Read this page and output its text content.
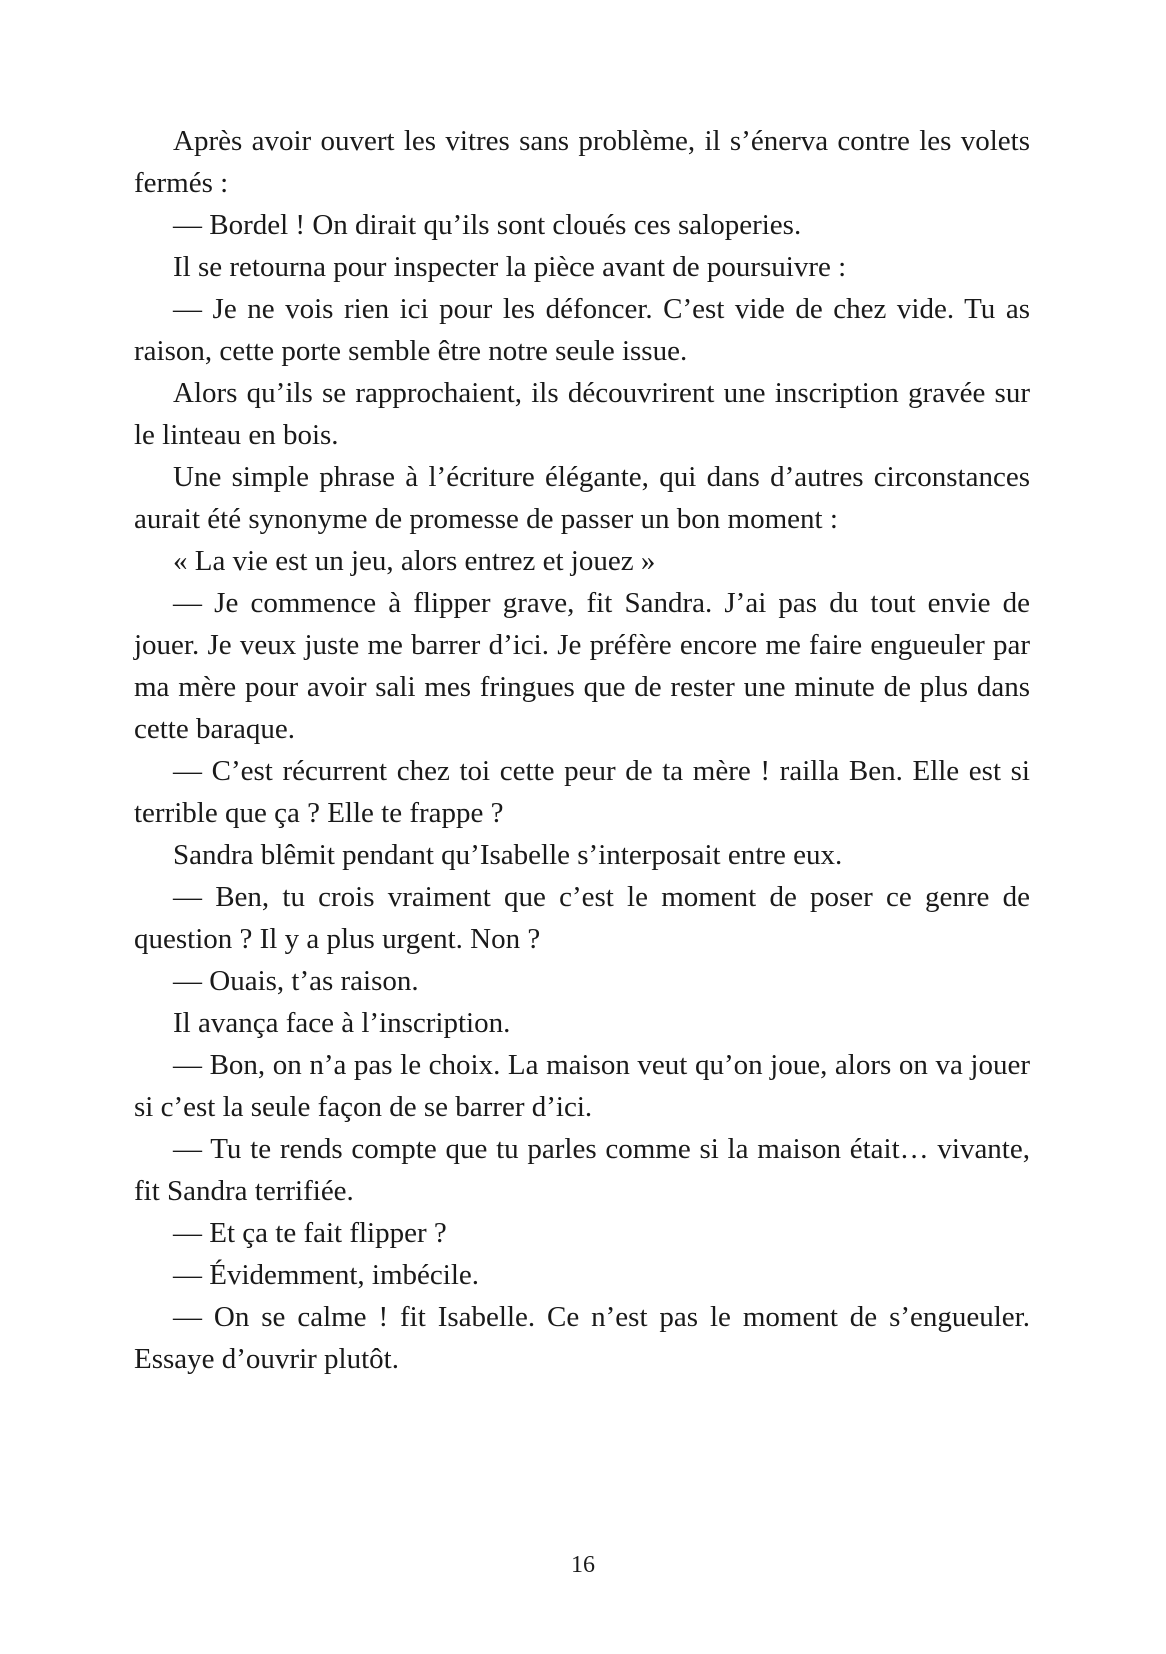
Après avoir ouvert les vitres sans problème, il s’énerva contre les volets fermés :

— Bordel ! On dirait qu’ils sont cloués ces saloperies.

Il se retourna pour inspecter la pièce avant de poursuivre :

— Je ne vois rien ici pour les défoncer. C’est vide de chez vide. Tu as raison, cette porte semble être notre seule issue.

Alors qu’ils se rapprochaient, ils découvrirent une inscription gravée sur le linteau en bois.

Une simple phrase à l’écriture élégante, qui dans d’autres circonstances aurait été synonyme de promesse de passer un bon moment :

« La vie est un jeu, alors entrez et jouez »

— Je commence à flipper grave, fit Sandra. J’ai pas du tout envie de jouer. Je veux juste me barrer d’ici. Je préfère encore me faire engueuler par ma mère pour avoir sali mes fringues que de rester une minute de plus dans cette baraque.

— C’est récurrent chez toi cette peur de ta mère ! railla Ben. Elle est si terrible que ça ? Elle te frappe ?

Sandra blêmit pendant qu’Isabelle s’interposait entre eux.

— Ben, tu crois vraiment que c’est le moment de poser ce genre de question ? Il y a plus urgent. Non ?

— Ouais, t’as raison.

Il avança face à l’inscription.

— Bon, on n’a pas le choix. La maison veut qu’on joue, alors on va jouer si c’est la seule façon de se barrer d’ici.

— Tu te rends compte que tu parles comme si la maison était… vivante, fit Sandra terrifiée.

— Et ça te fait flipper ?

— Évidemment, imbécile.

— On se calme ! fit Isabelle. Ce n’est pas le moment de s’engueuler. Essaye d’ouvrir plutôt.

16
